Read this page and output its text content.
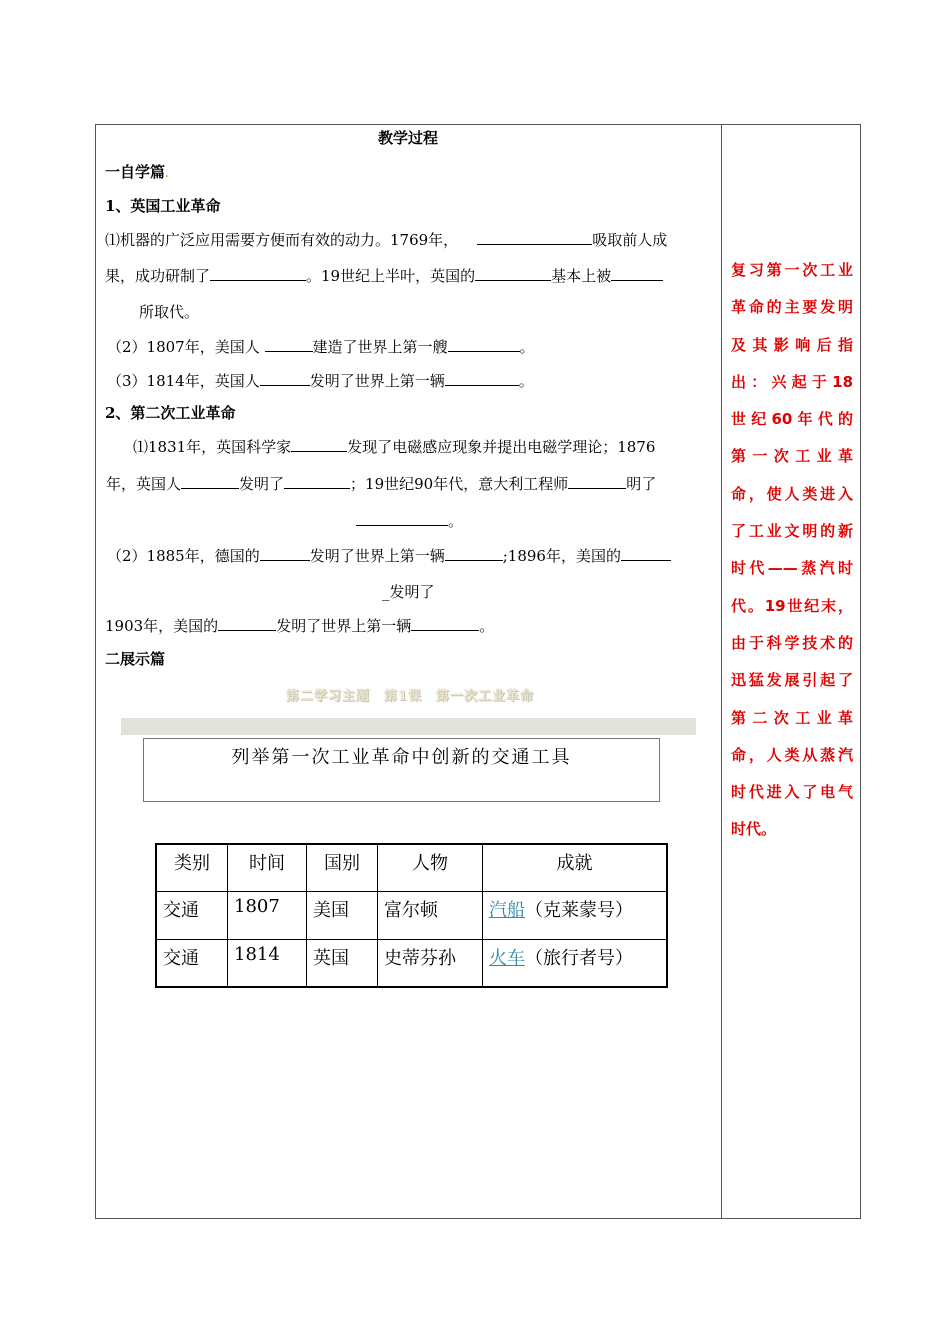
教学过程
一自学篇.
1、英国工业革命
⑴机器的广泛应用需要方便而有效的动力。1769年，	吸取前人成
果，成功研制了	。19世纪上半叶，英国的	基本上被
所取代。
（2）1807年，美国人	建造了世界上第一艘	。
（3）1814年，英国人	发明了世界上第一辆	。
2、第二次工业革命
⑴1831年，英国科学家	发现了电磁感应现象并提出电磁学理论；1876
年，英国人	发明了	；19世纪90年代，意大利工程师	明了
。
（2）1885年，德国的	发明了世界上第一辆	;1896年，美国的
_发明了
1903年，美国的	发明了世界上第一辆	。
二展示篇
第二学习主题　第1课　第一次工业革命
列举第一次工业革命中创新的交通工具
类别	时间	国别	人物	成就
交通	1807	美国	富尔顿	汽船（克莱蒙号）
交通	1814	英国	史蒂芬孙	火车（旅行者号）
复习第一次工业
革命的主要发明
及其影响后指
出：兴起于18
世纪60年代的
第一次工业革
命，使人类进入
了工业文明的新
时代——蒸汽时
代。19世纪末，
由于科学技术的
迅猛发展引起了
第二次工业革
命，人类从蒸汽
时代进入了电气
时代。
